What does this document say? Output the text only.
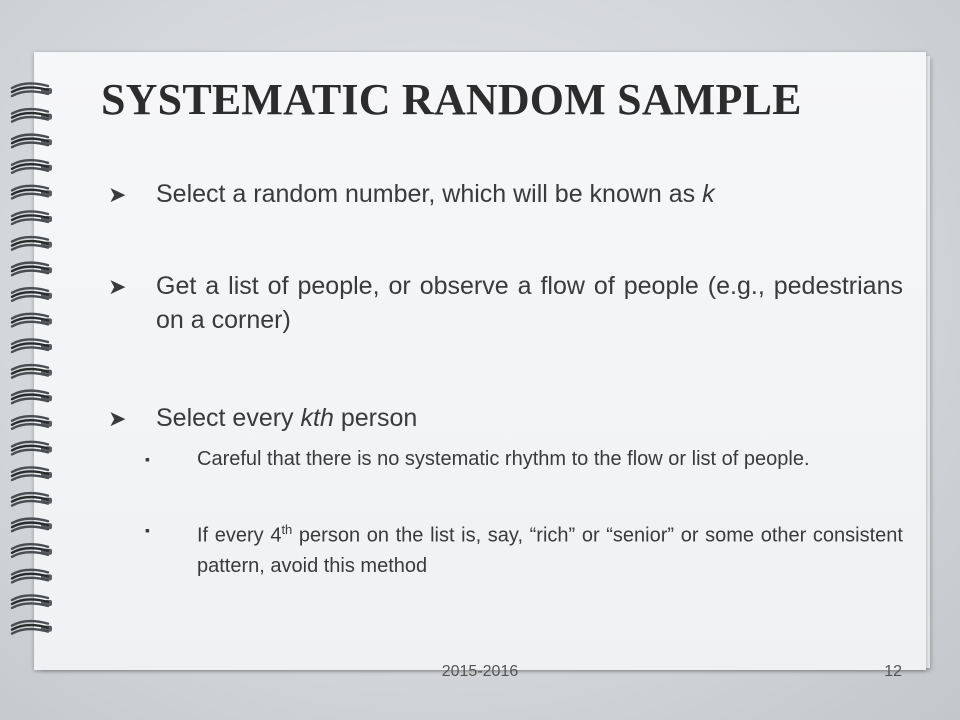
SYSTEMATIC RANDOM SAMPLE
➤ Select a random number, which will be known as k
➤ Get a list of people, or observe a flow of people (e.g., pedestrians on a corner)
➤ Select every kth person
▪ Careful that there is no systematic rhythm to the flow or list of people.
▪ If every 4th person on the list is, say, “rich” or “senior” or some other consistent pattern, avoid this method
2015-2016	12
